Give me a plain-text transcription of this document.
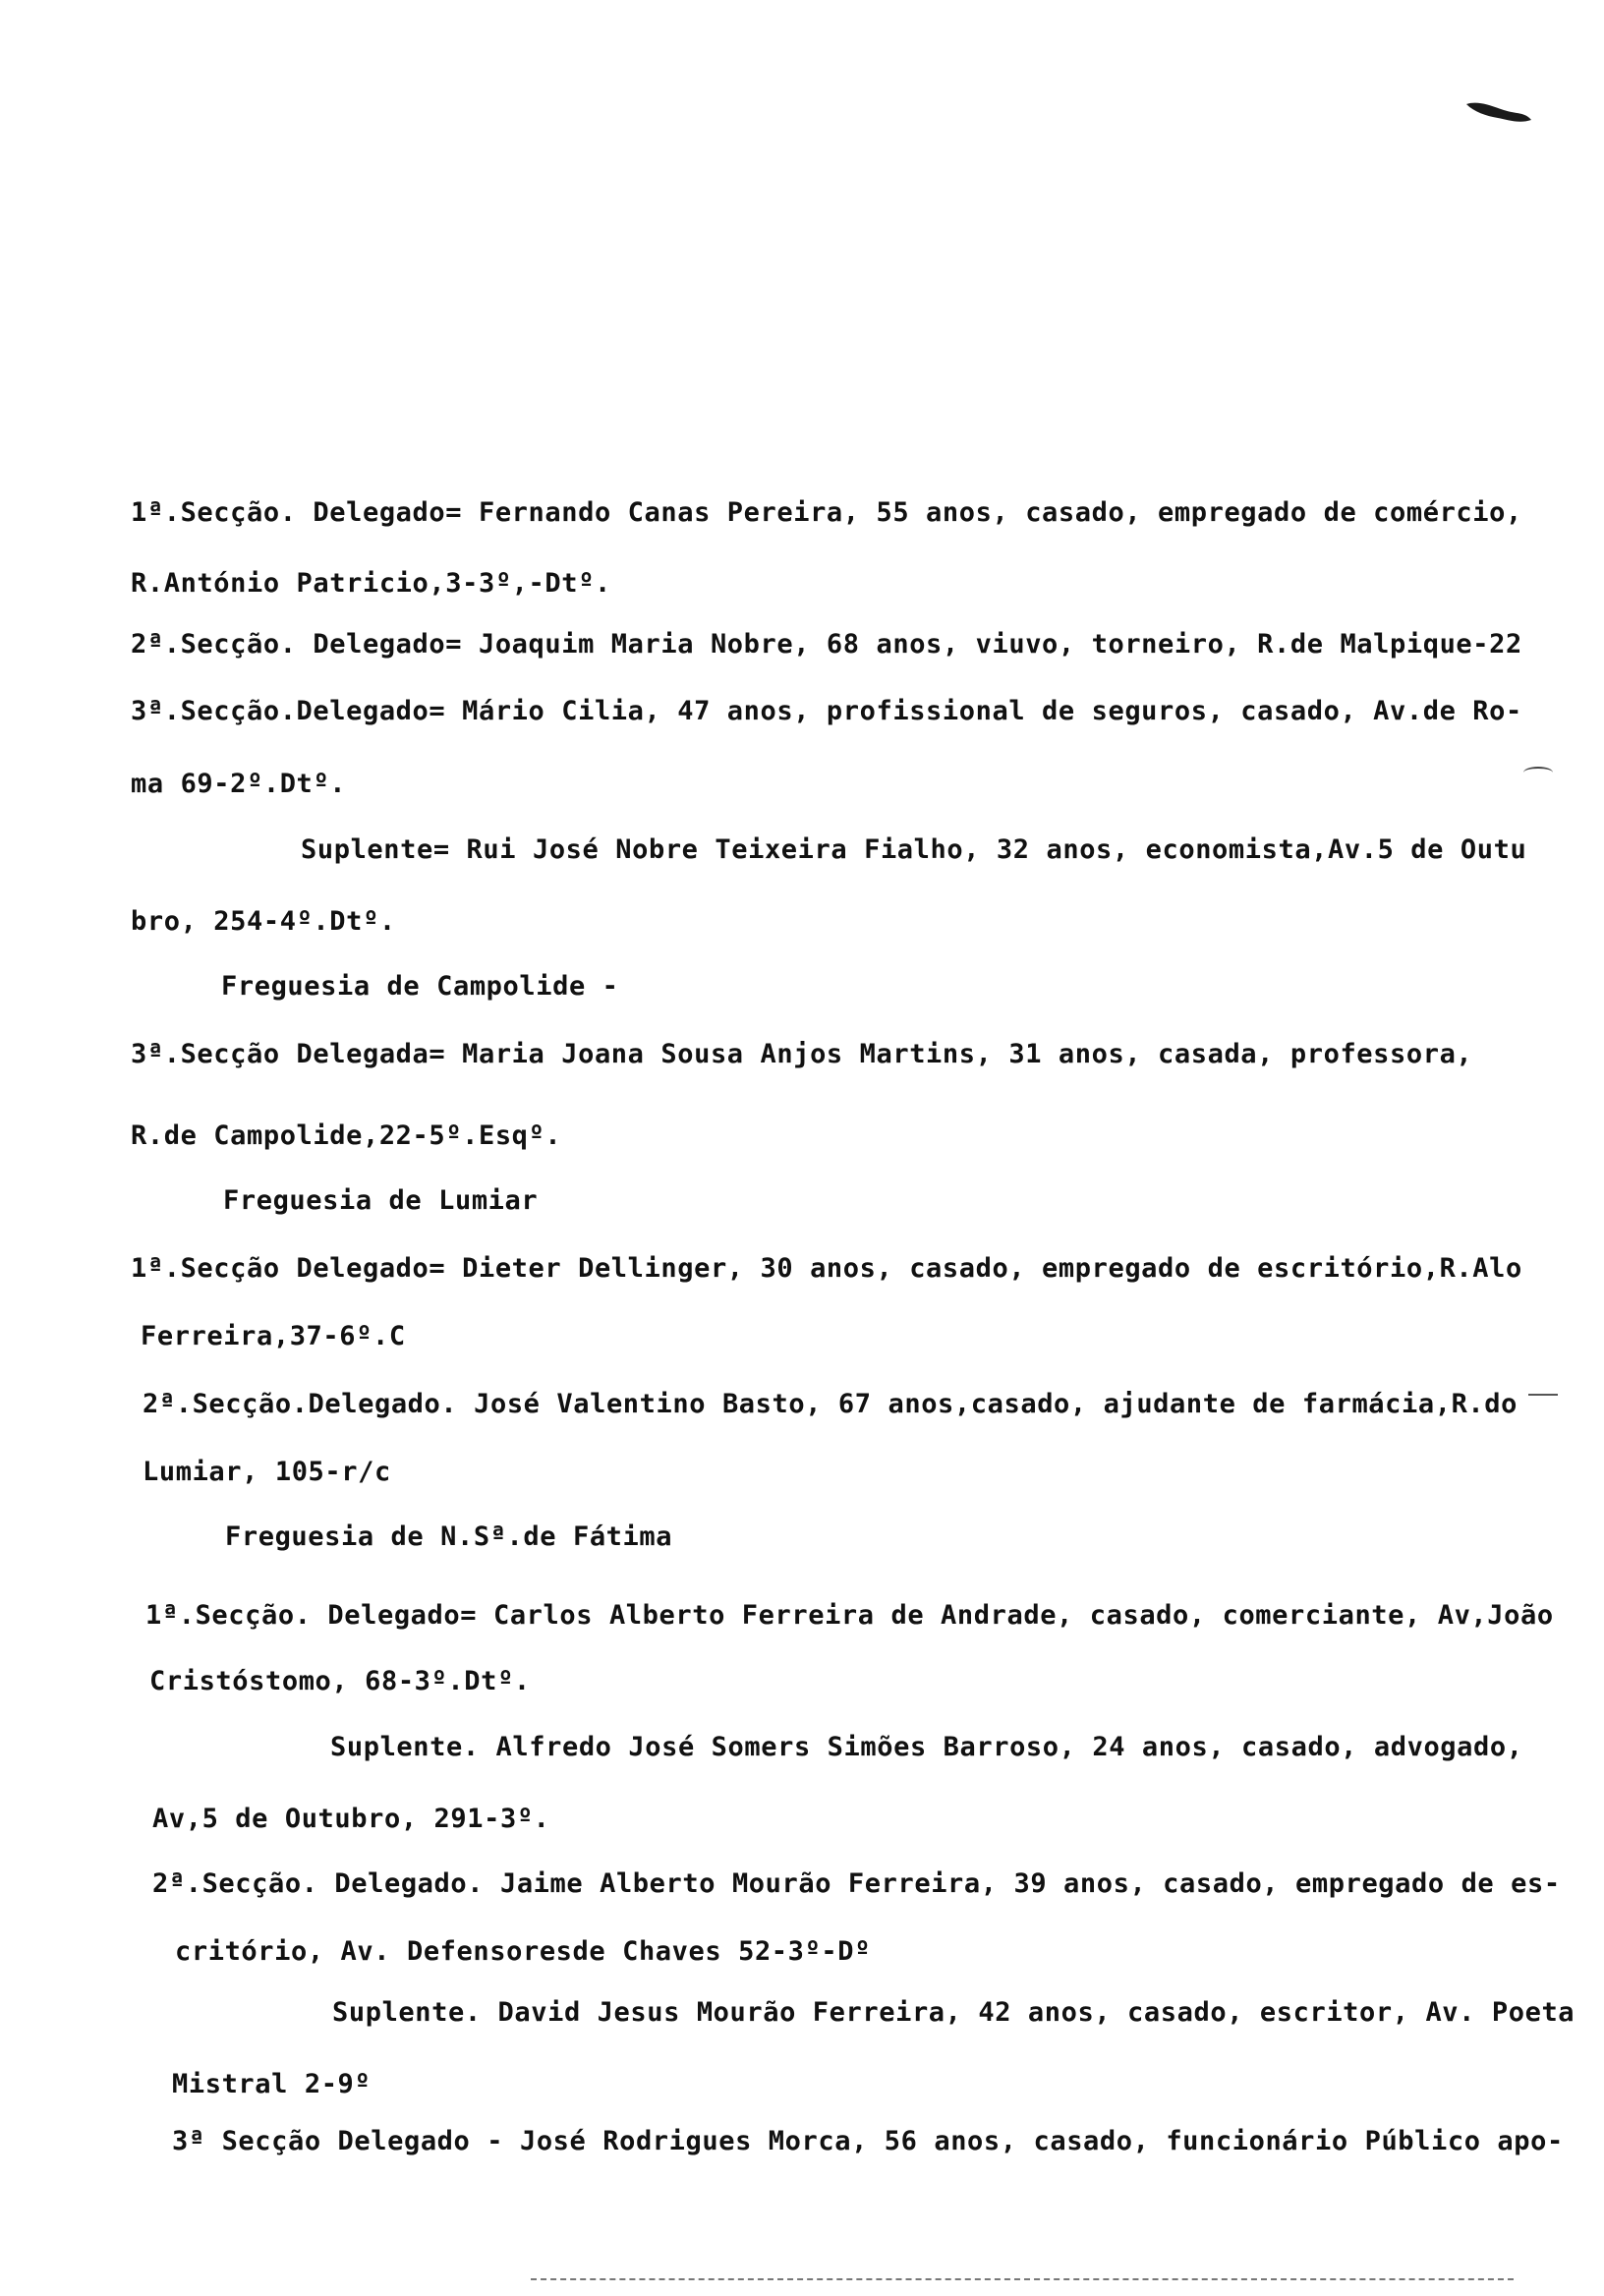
1ª.Secção. Delegado= Fernando Canas Pereira, 55 anos, casado, empregado de comércio,
R.António Patricio,3-3º,-Dtº.
2ª.Secção. Delegado= Joaquim Maria Nobre, 68 anos, viuvo, torneiro, R.de Malpique-22
3ª.Secção.Delegado= Mário Cilia, 47 anos, profissional de seguros, casado, Av.de Ro-
ma 69-2º.Dtº.
Suplente= Rui José Nobre Teixeira Fialho, 32 anos, economista,Av.5 de Outu
bro, 254-4º.Dtº.
Freguesia de Campolide -
3ª.Secção Delegada= Maria Joana Sousa Anjos Martins, 31 anos, casada, professora,
R.de Campolide,22-5º.Esqº.
Freguesia de Lumiar
1ª.Secção Delegado= Dieter Dellinger, 30 anos, casado, empregado de escritório,R.Alo
Ferreira,37-6º.C
2ª.Secção.Delegado. José Valentino Basto, 67 anos,casado, ajudante de farmácia,R.do
Lumiar, 105-r/c
Freguesia de N.Sª.de Fátima
1ª.Secção. Delegado= Carlos Alberto Ferreira de Andrade, casado, comerciante, Av,João
Cristóstomo, 68-3º.Dtº.
Suplente. Alfredo José Somers Simões Barroso, 24 anos, casado, advogado,
Av,5 de Outubro, 291-3º.
2ª.Secção. Delegado. Jaime Alberto Mourão Ferreira, 39 anos, casado, empregado de es-
critório, Av. Defensoresde Chaves 52-3º-Dº
Suplente. David Jesus Mourão Ferreira, 42 anos, casado, escritor, Av. Poeta
Mistral 2-9º
3ª Secção Delegado - José Rodrigues Morca, 56 anos, casado, funcionário Público apo-
